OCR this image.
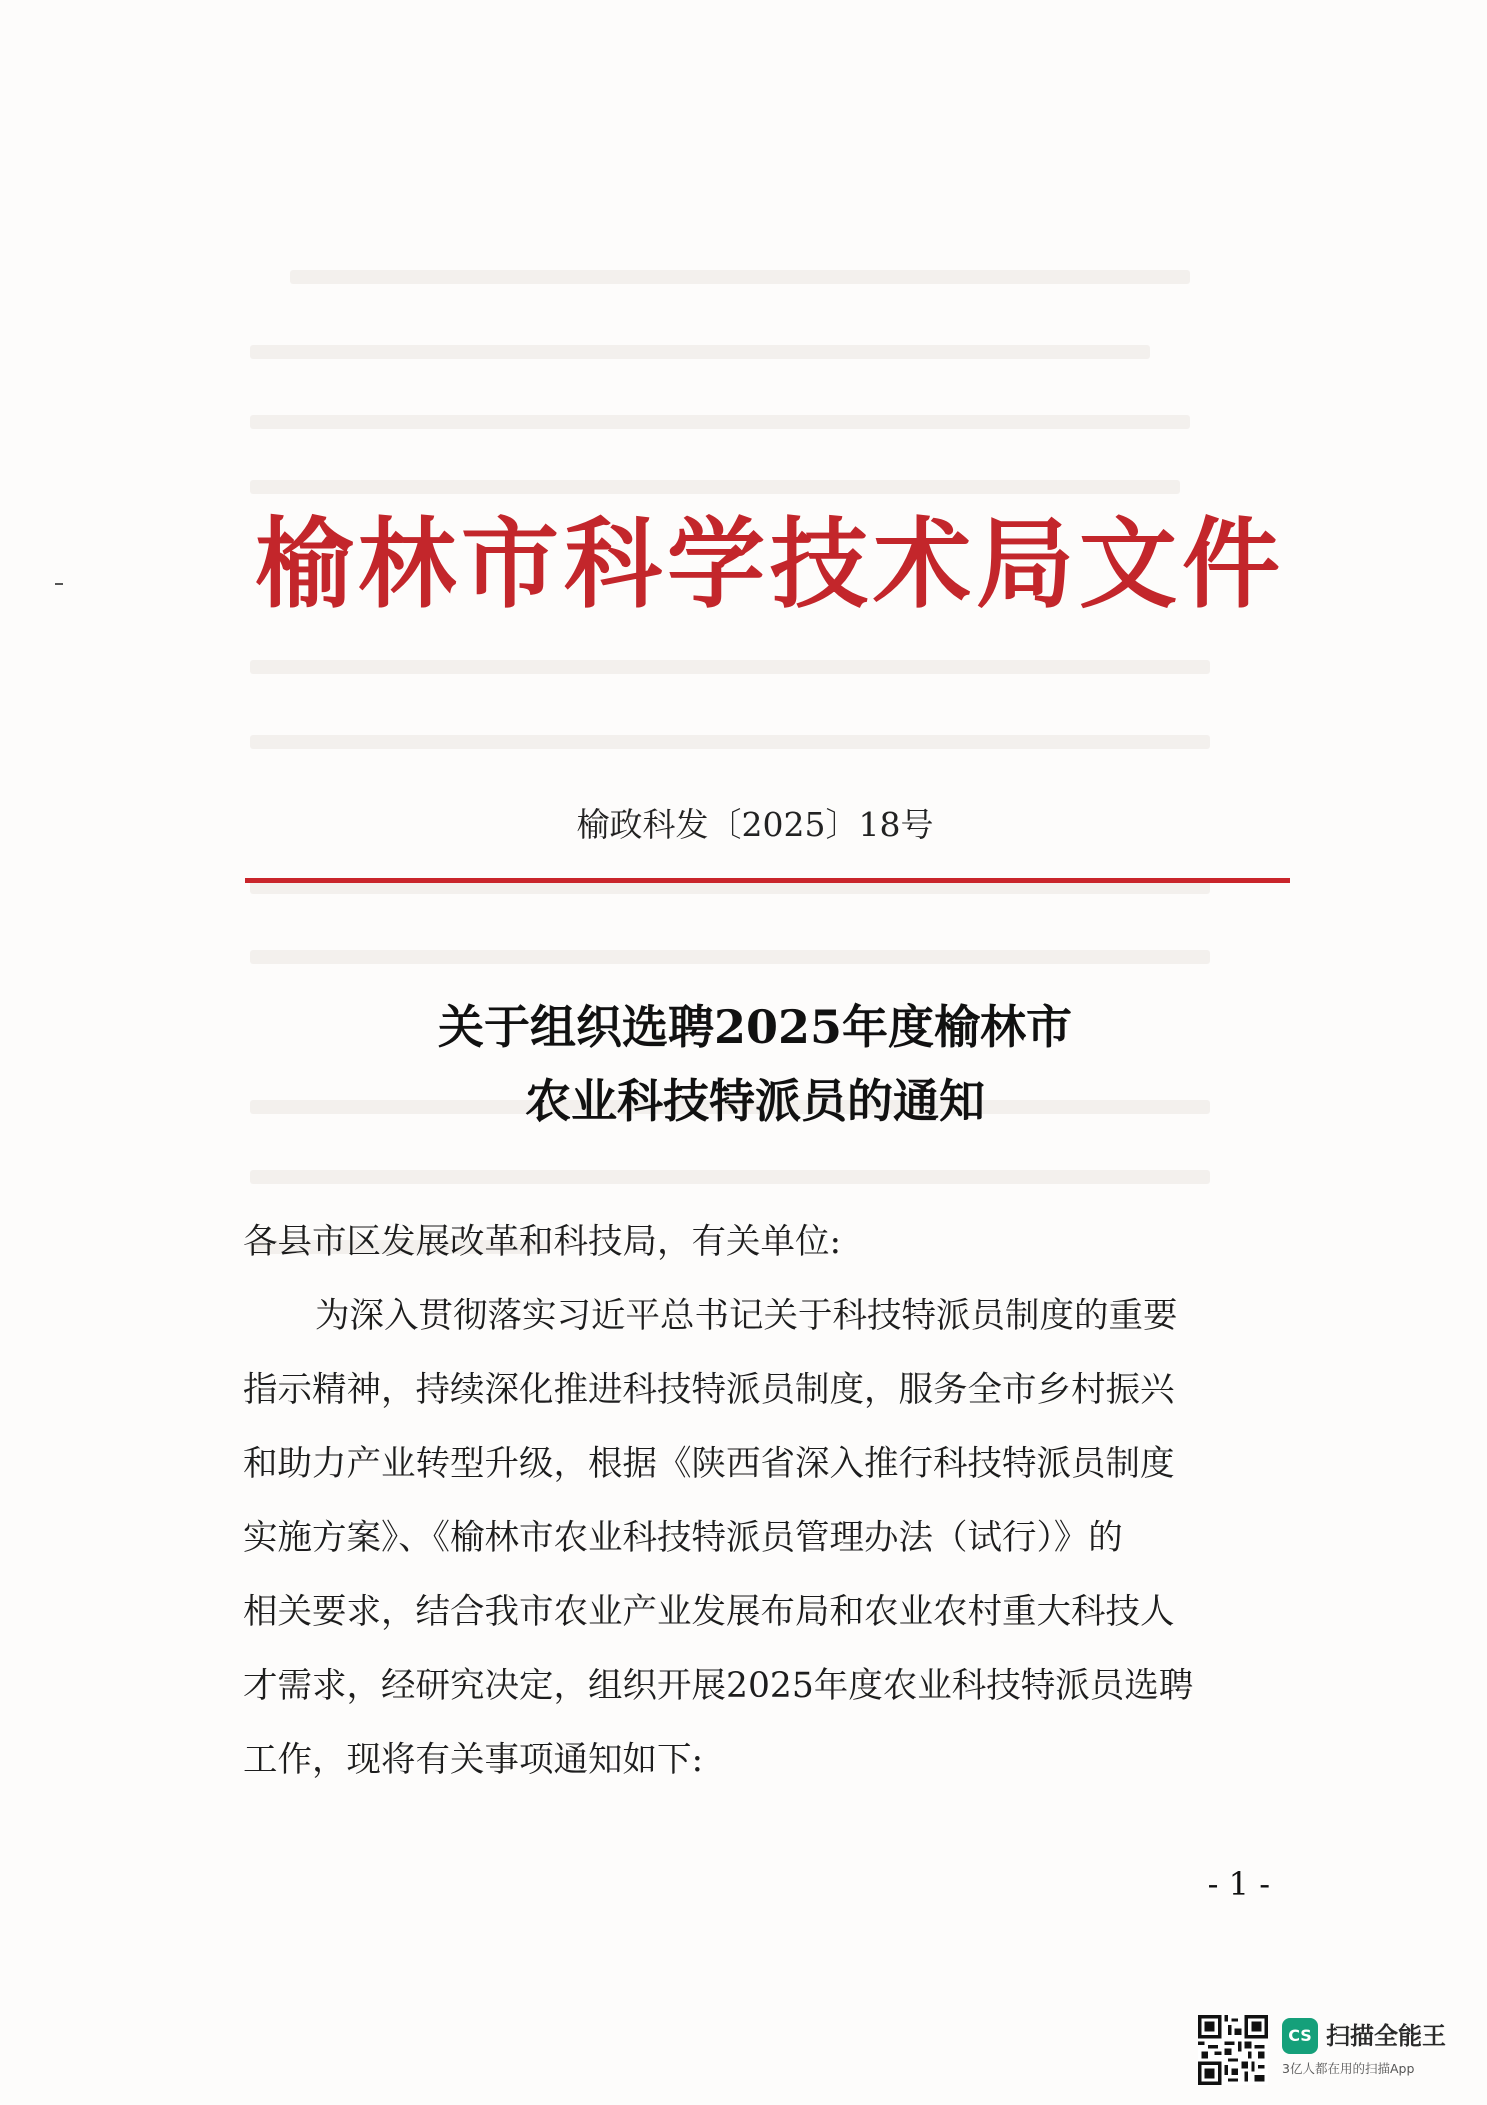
榆林市科学技术局文件
榆政科发〔2025〕18号
关于组织选聘2025年度榆林市
农业科技特派员的通知

各县市区发展改革和科技局，有关单位:

为深入贯彻落实习近平总书记关于科技特派员制度的重要

指示精神，持续深化推进科技特派员制度，服务全市乡村振兴

和助力产业转型升级，根据《陕西省深入推行科技特派员制度

实施方案》、《榆林市农业科技特派员管理办法（试行）》的

相关要求，结合我市农业产业发展布局和农业农村重大科技人

才需求，经研究决定，组织开展2025年度农业科技特派员选聘

工作，现将有关事项通知如下:

- 1 -
CS 扫描全能王
3亿人都在用的扫描App
